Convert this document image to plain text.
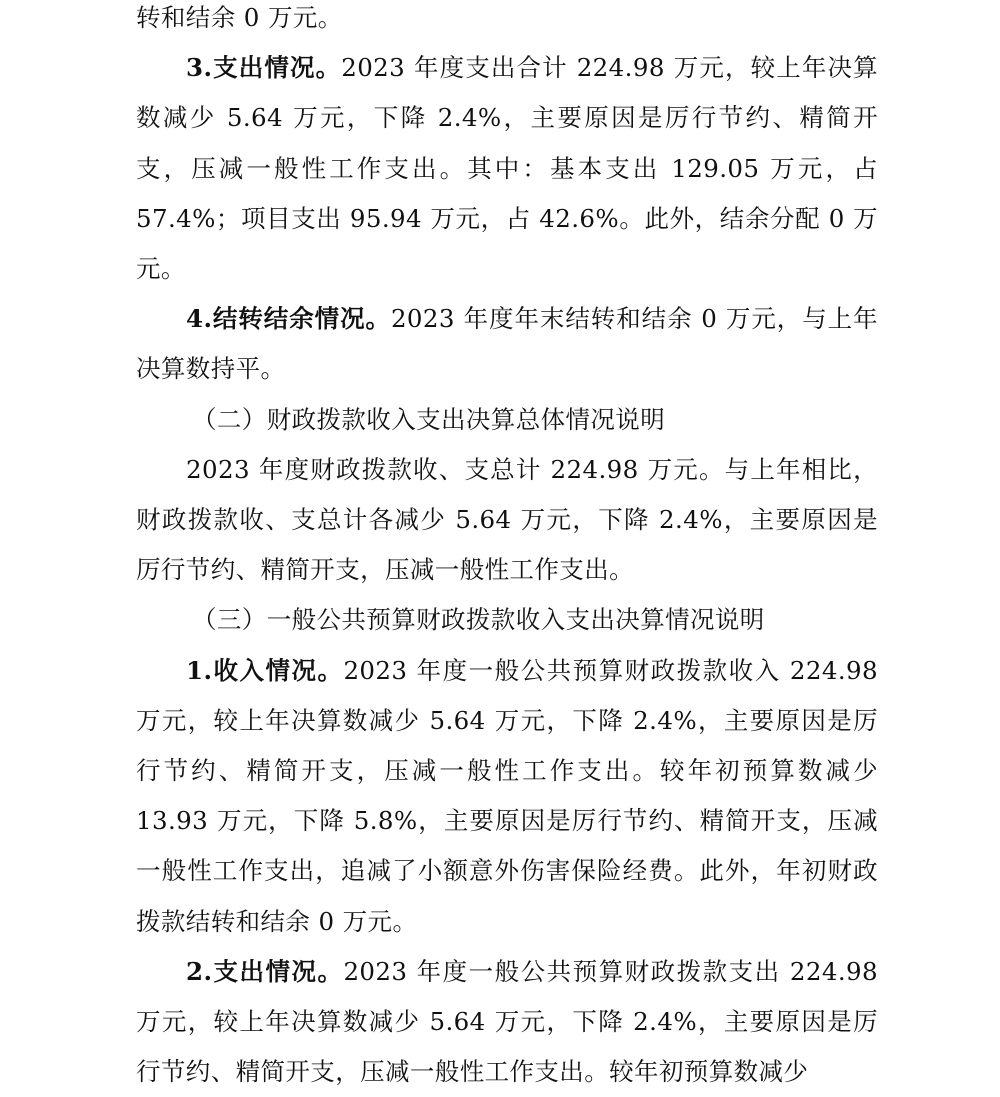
转和结余 0 万元。

3.支出情况。2023 年度支出合计 224.98 万元，较上年决算数减少 5.64 万元，下降 2.4%，主要原因是厉行节约、精简开支，压减一般性工作支出。其中：基本支出 129.05 万元，占 57.4%；项目支出 95.94 万元，占 42.6%。此外，结余分配 0 万元。

4.结转结余情况。2023 年度年末结转和结余 0 万元，与上年决算数持平。

（二）财政拨款收入支出决算总体情况说明

2023 年度财政拨款收、支总计 224.98 万元。与上年相比，财政拨款收、支总计各减少 5.64 万元，下降 2.4%，主要原因是厉行节约、精简开支，压减一般性工作支出。

（三）一般公共预算财政拨款收入支出决算情况说明

1.收入情况。2023 年度一般公共预算财政拨款收入 224.98 万元，较上年决算数减少 5.64 万元，下降 2.4%，主要原因是厉行节约、精简开支，压减一般性工作支出。较年初预算数减少 13.93 万元，下降 5.8%，主要原因是厉行节约、精简开支，压减一般性工作支出，追减了小额意外伤害保险经费。此外，年初财政拨款结转和结余 0 万元。

2.支出情况。2023 年度一般公共预算财政拨款支出 224.98 万元，较上年决算数减少 5.64 万元，下降 2.4%，主要原因是厉行节约、精简开支，压减一般性工作支出。较年初预算数减少
